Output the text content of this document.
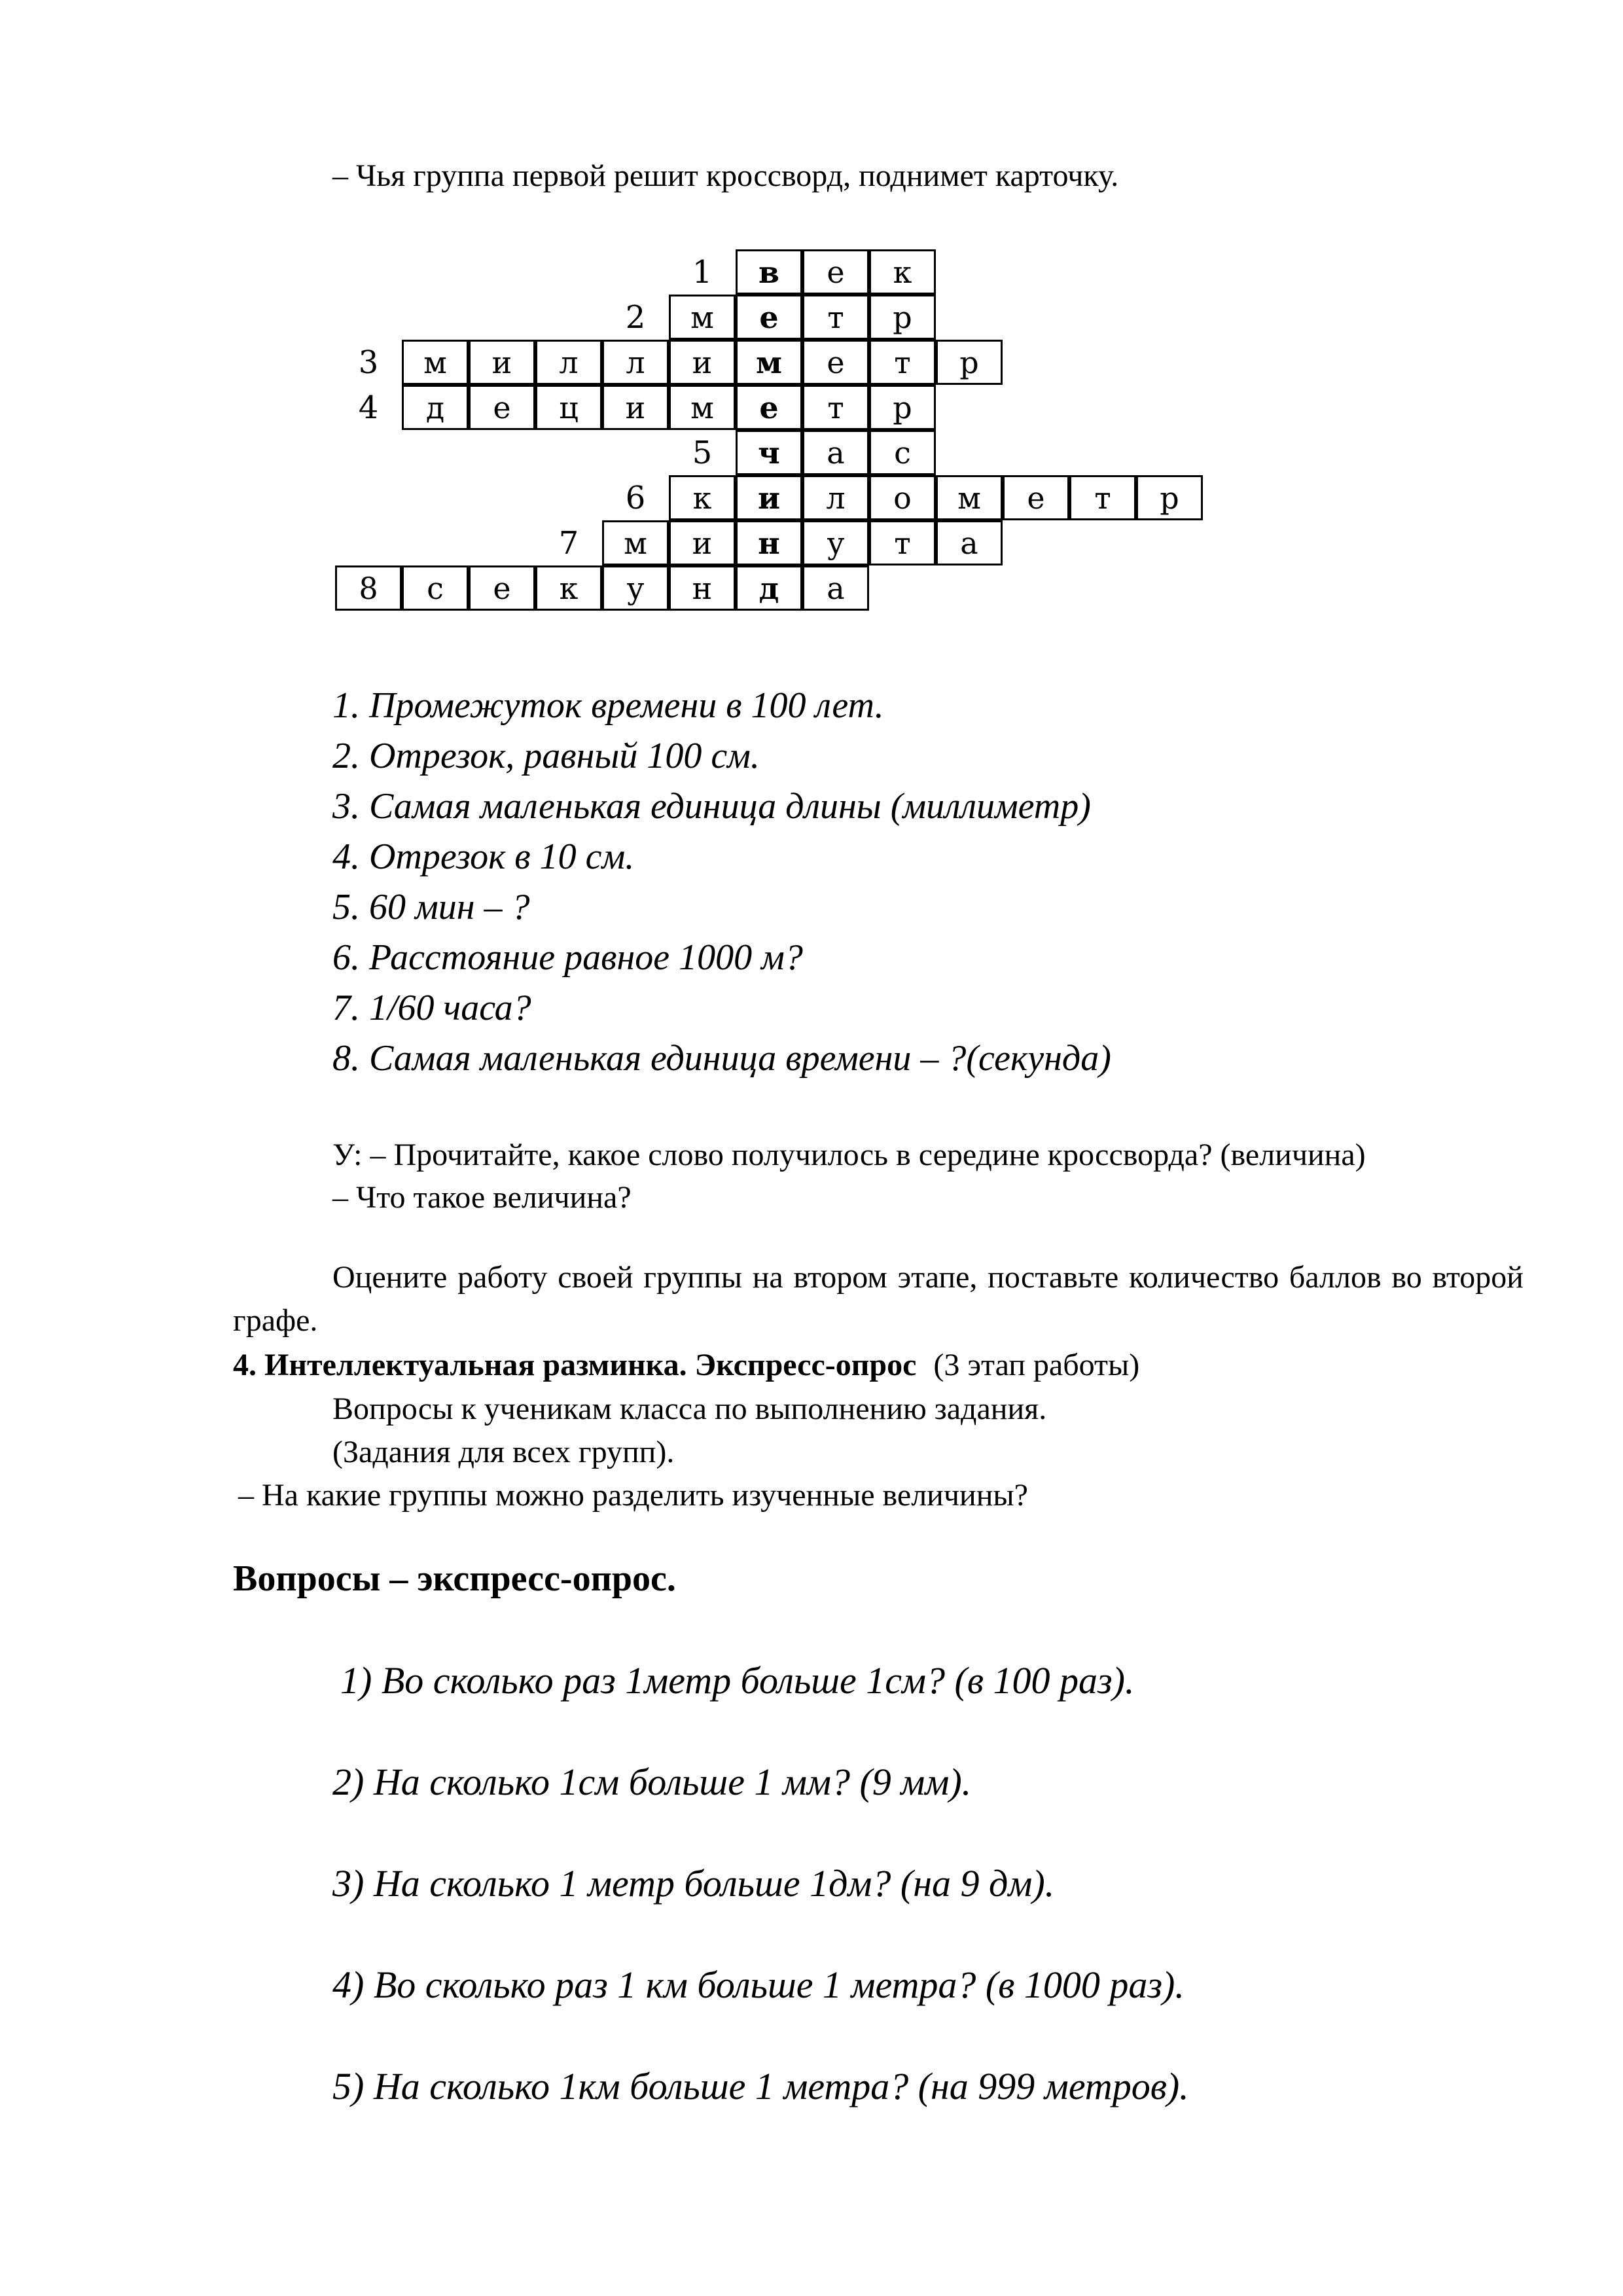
– Чья группа первой решит кроссворд, поднимет карточку.
1	в	е	к
2	м	е	т	р
3	м	и	л	л	и	м	е	т	р
4	д	е	ц	и	м	е	т	р
5	ч	а	с
6	к	и	л	о	м	е	т	р
7	м	и	н	у	т	а
8	с	е	к	у	н	д	а
1. Промежуток времени в 100 лет.
2. Отрезок, равный 100 см.
3. Самая маленькая единица длины (миллиметр)
4. Отрезок в 10 см.
5. 60 мин – ?
6. Расстояние равное 1000 м?
7. 1/60 часа?
8. Самая маленькая единица времени – ?(секунда)
У: – Прочитайте, какое слово получилось в середине кроссворда? (величина)
– Что такое величина?
Оцените работу своей группы на втором этапе, поставьте количество баллов во второй графе.
4. Интеллектуальная разминка. Экспресс-опрос (3 этап работы)
Вопросы к ученикам класса по выполнению задания.
(Задания для всех групп).
– На какие группы можно разделить изученные величины?
Вопросы – экспресс-опрос.
1) Во сколько раз 1метр больше 1см? (в 100 раз).
2) На сколько 1см больше 1 мм? (9 мм).
3) На сколько 1 метр больше 1дм? (на 9 дм).
4) Во сколько раз 1 км больше 1 метра? (в 1000 раз).
5) На сколько 1км больше 1 метра? (на 999 метров).
